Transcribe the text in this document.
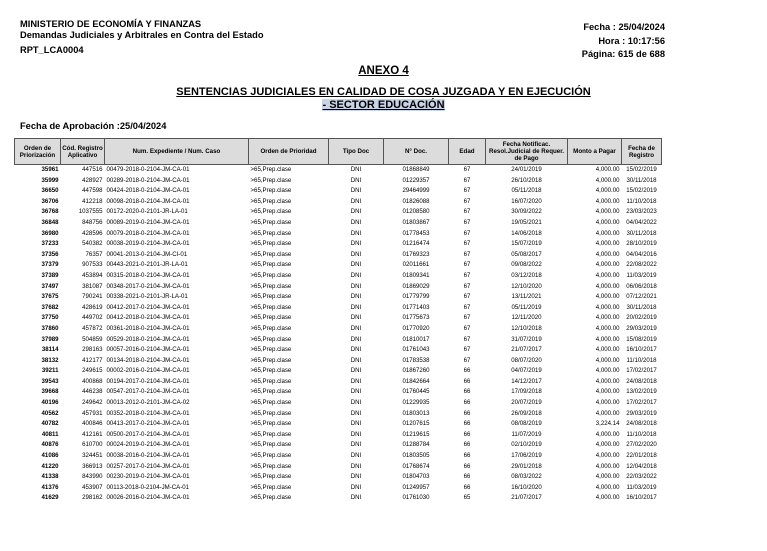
MINISTERIO DE ECONOMÍA Y FINANZAS
Demandas Judiciales y Arbitrales en Contra del Estado
RPT_LCA0004
Fecha : 25/04/2024
Hora : 10:17:56
Página: 615 de 688
ANEXO 4
SENTENCIAS JUDICIALES EN CALIDAD DE COSA JUZGADA Y EN EJECUCIÓN
- SECTOR EDUCACIÓN
Fecha de Aprobación :25/04/2024
Orden de Priorización	Cód. Registro Aplicativo	Num. Expediente / Num. Caso	Orden de Prioridad	Tipo Doc	N° Doc.	Edad	Fecha Notificac. Resol.Judicial de Requer. de Pago	Monto a Pagar	Fecha de Registro
35961	447516	00479-2018-0-2104-JM-CA-01	>65,Prep.clase	DNI	01868849	67	24/01/2019	4,000.00	15/02/2019
35999	428927	00289-2018-0-2104-JM-CA-01	>65,Prep.clase	DNI	01229357	67	26/10/2018	4,000.00	30/11/2018
36650	447598	00424-2018-0-2104-JM-CA-01	>65,Prep.clase	DNI	29464999	67	05/11/2018	4,000.00	15/02/2019
36706	412218	00098-2018-0-2104-JM-CA-01	>65,Prep.clase	DNI	01826088	67	16/07/2020	4,000.00	11/10/2018
36768	1037555	00172-2020-0-2101-JR-LA-01	>65,Prep.clase	DNI	01208580	67	30/09/2022	4,000.00	23/03/2023
36848	848756	00089-2019-0-2104-JM-CA-01	>65,Prep.clase	DNI	01803867	67	19/05/2021	4,000.00	04/04/2022
36980	428596	00079-2018-0-2104-JM-CA-01	>65,Prep.clase	DNI	01778453	67	14/06/2018	4,000.00	30/11/2018
37233	540382	00038-2019-0-2104-JM-CA-01	>65,Prep.clase	DNI	01216474	67	15/07/2019	4,000.00	28/10/2019
37356	76357	00041-2013-0-2104-JM-CI-01	>65,Prep.clase	DNI	01769323	67	05/08/2017	4,000.00	04/04/2016
37379	907533	00443-2021-0-2101-JR-LA-01	>65,Prep.clase	DNI	02011661	67	09/08/2022	4,000.00	22/08/2022
37389	453894	00315-2018-0-2104-JM-CA-01	>65,Prep.clase	DNI	01809341	67	03/12/2018	4,000.00	11/03/2019
37497	381087	00348-2017-0-2104-JM-CA-01	>65,Prep.clase	DNI	01869029	67	12/10/2020	4,000.00	06/06/2018
37675	790241	00338-2021-0-2101-JR-LA-01	>65,Prep.clase	DNI	01779799	67	13/11/2021	4,000.00	07/12/2021
37682	428619	00412-2017-0-2104-JM-CA-01	>65,Prep.clase	DNI	01771403	67	05/11/2019	4,000.00	30/11/2018
37750	449702	00412-2018-0-2104-JM-CA-01	>65,Prep.clase	DNI	01775673	67	12/11/2020	4,000.00	20/02/2019
37860	457872	00361-2018-0-2104-JM-CA-01	>65,Prep.clase	DNI	01770920	67	12/10/2018	4,000.00	29/03/2019
37989	504859	00529-2018-0-2104-JM-CA-01	>65,Prep.clase	DNI	01810017	67	31/07/2019	4,000.00	15/08/2019
38114	298163	00057-2016-0-2104-JM-CA-01	>65,Prep.clase	DNI	01761043	67	21/07/2017	4,000.00	16/10/2017
38132	412177	00134-2018-0-2104-JM-CA-01	>65,Prep.clase	DNI	01783538	67	08/07/2020	4,000.00	11/10/2018
39211	249615	00002-2016-0-2104-JM-CA-01	>65,Prep.clase	DNI	01867260	66	04/07/2019	4,000.00	17/02/2017
39543	400868	00194-2017-0-2104-JM-CA-01	>65,Prep.clase	DNI	01842664	66	14/12/2017	4,000.00	24/08/2018
39668	446238	00547-2017-0-2104-JM-CA-01	>65,Prep.clase	DNI	01760445	66	17/09/2018	4,000.00	13/02/2019
40196	249642	00013-2012-0-2101-JM-CA-02	>65,Prep.clase	DNI	01229935	66	20/07/2019	4,000.00	17/02/2017
40562	457931	00352-2018-0-2104-JM-CA-01	>65,Prep.clase	DNI	01803013	66	26/09/2018	4,000.00	29/03/2019
40782	400846	00413-2017-0-2104-JM-CA-01	>65,Prep.clase	DNI	01207615	66	08/08/2019	3,224.14	24/08/2018
40811	412161	00500-2017-0-2104-JM-CA-01	>65,Prep.clase	DNI	01219615	66	11/07/2019	4,000.00	11/10/2018
40876	610700	00024-2019-0-2104-JM-CA-01	>65,Prep.clase	DNI	01288784	66	02/10/2019	4,000.00	27/02/2020
41086	324451	00038-2016-0-2104-JM-CA-01	>65,Prep.clase	DNI	01803505	66	17/06/2019	4,000.00	22/01/2018
41220	366913	00257-2017-0-2104-JM-CA-01	>65,Prep.clase	DNI	01768674	66	29/01/2018	4,000.00	12/04/2018
41338	843990	00230-2019-0-2104-JM-CA-01	>65,Prep.clase	DNI	01804703	66	08/03/2022	4,000.00	22/03/2022
41376	453907	00113-2018-0-2104-JM-CA-01	>65,Prep.clase	DNI	01249957	66	16/10/2020	4,000.00	11/03/2019
41629	298162	00026-2016-0-2104-JM-CA-01	>65,Prep.clase	DNI	01761030	65	21/07/2017	4,000.00	16/10/2017
